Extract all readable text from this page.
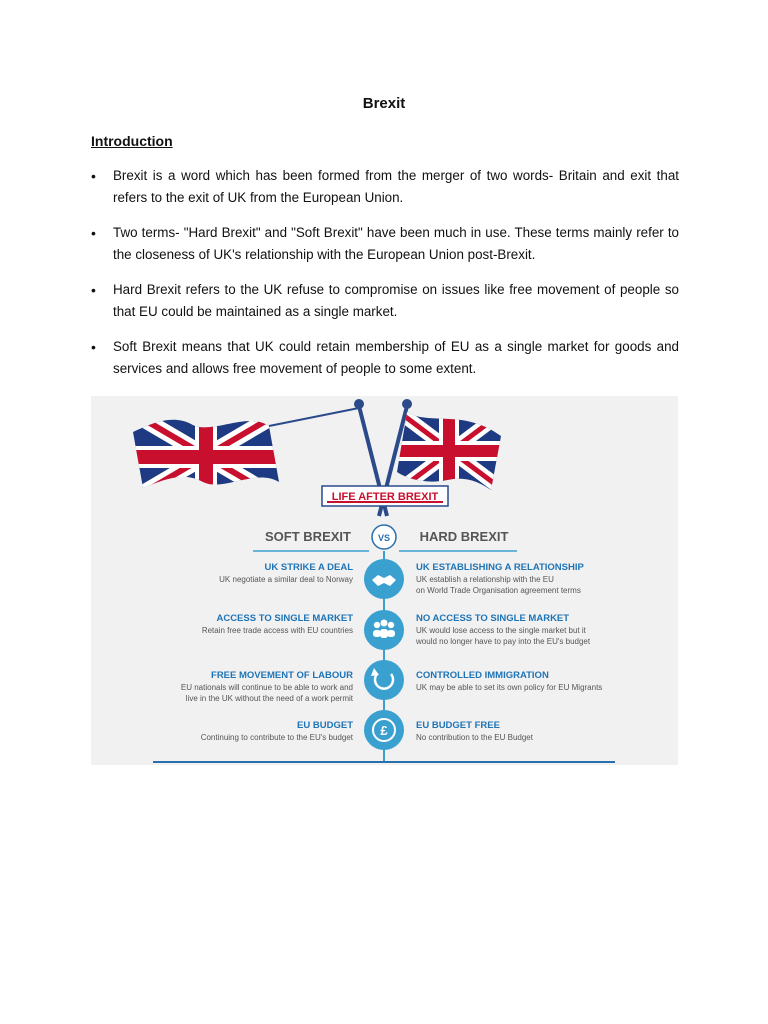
Brexit
Introduction
• Brexit is a word which has been formed from the merger of two words- Britain and exit that refers to the exit of UK from the European Union.
• Two terms- "Hard Brexit" and "Soft Brexit" have been much in use. These terms mainly refer to the closeness of UK's relationship with the European Union post-Brexit.
• Hard Brexit refers to the UK refuse to compromise on issues like free movement of people so that EU could be maintained as a single market.
• Soft Brexit means that UK could retain membership of EU as a single market for goods and services and allows free movement of people to some extent.
LIFE AFTER BREXIT
SOFT BREXIT	VS HARD BREXIT
UK STRIKE A DEAL
UK negotiate a similar deal to Norway
UK ESTABLISHING A RELATIONSHIP
UK establish a relationship with the EU
on World Trade Organisation agreement terms
ACCESS TO SINGLE MARKET
Retain free trade access with EU countries
NO ACCESS TO SINGLE MARKET
UK would lose access to the single market but it
would no longer have to pay into the EU's budget
FREE MOVEMENT OF LABOUR
EU nationals will continue to be able to work and
live in the UK without the need of a work permit
CONTROLLED IMMIGRATION
UK may be able to set its own policy for EU Migrants
£
EU BUDGET
Continuing to contribute to the EU's budget
EU BUDGET FREE
No contribution to the EU Budget
